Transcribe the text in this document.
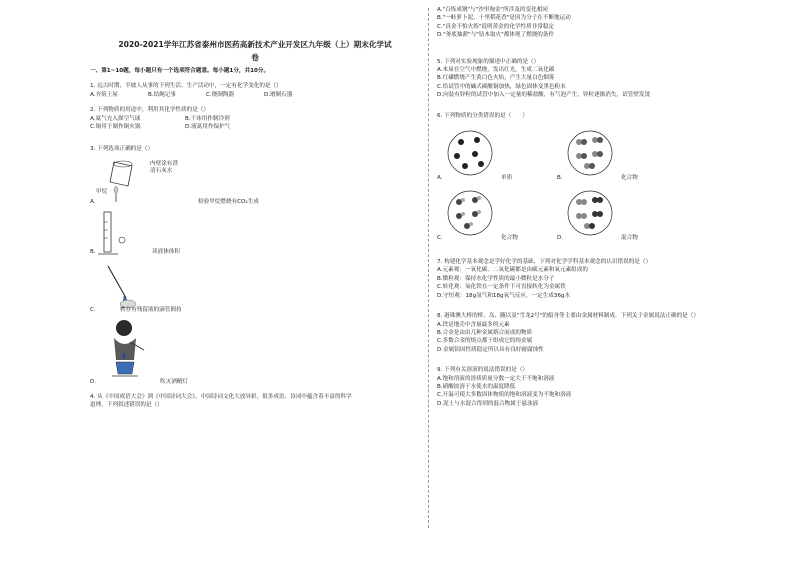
2020-2021学年江苏省泰州市医药高新技术产业开发区九年级（上）期末化学试
卷
一、第1~10题，每小题只有一个选项符合题意。每小题1分，共10分。
1. 远古时期，半坡人从事的下列生活、生产活动中，一定有化学变化的是（）
A.夯筑土屋	B.结绳记事	C.烧制陶器	D.磨制石器
2. 下列物质的用途中，利用其化学性质的是（）
A.氦气充入探空气球	B.干冰用作制冷剂
C.铜用于制作铜火锅	D.液氮用作保护气
3. 下列选项正确的是（）
内壁涂有澄
清石灰水
甲烷
A.	检验甲烷燃烧有CO₂生成
B.	读液体体积
C.	转存有残留液的滴管倒持
D.	吹灭酒精灯
4. 从《中国成语大会》到《中国诗词大会》，中国诗词文化大放异彩，很多成语、诗词中蕴含着丰富的科学
道理。下列叙述错误的是（）
A."百炼成钢"与"沙里淘金"所涉及的变化相同
B."一畦萝卜泥，十里稻花香"是因为分子在不断地运动
C."真金不怕火炼"说明黄金的化学性质非常稳定
D."釜底抽薪"与"钻木取火"都体现了燃烧的条件
5. 下列对实验现象的描述中正确的是（）
A.木炭在空气中燃烧，发出红光，生成二氧化碳
B.红磷燃烧产生黄白色火焰，产生大量白色烟雾
C.给试管中的碱式碳酸铜加热，绿色固体变黑色粉末
D.向装有锌粒的试管中加入一定量的稀盐酸，有气泡产生，锌粒逐渐消失，试管壁发烫
6. 下列物质的分类错误的是（　　）
A.	单质	B.	化合物
C.	化合物	D.	混合物
7. 构建化学基本观念是学好化学的基础，下列对化学学科基本观念的认识错误的是（）
A.元素观：一氧化碳、二氧化碳都是由碳元素和氧元素组成的
B.微粒观：保持水化学性质的最小微粒是水分子
C.转化观：氧化铁在一定条件下可直接转化为金属铁
D.守恒观：18g氢气和18g氧气反应，一定生成36g水
8. 港珠澳大桥的桥、岛、隧以及"雪龙2号"的船身等主要由金属材料制成。下列关于金属说法正确的是（）
A.铁是地壳中含量最多的元素
B.合金是由由几种金属熔合而成的物质
C.多数合金的熔点都于组成它的纯金属
D.金属铝因性质稳定所以具有良好耐腐蚀性
9. 下列有关溶液的说法错误的是（）
A.饱和溶液的溶质质量分数一定大于不饱和溶液
B.硝酸铵溶于水使水的温度降低
C.开温可使大多数固体物质的饱和溶液变为不饱和溶液
D.泥土与水混合得到的混合物属于悬浊液
